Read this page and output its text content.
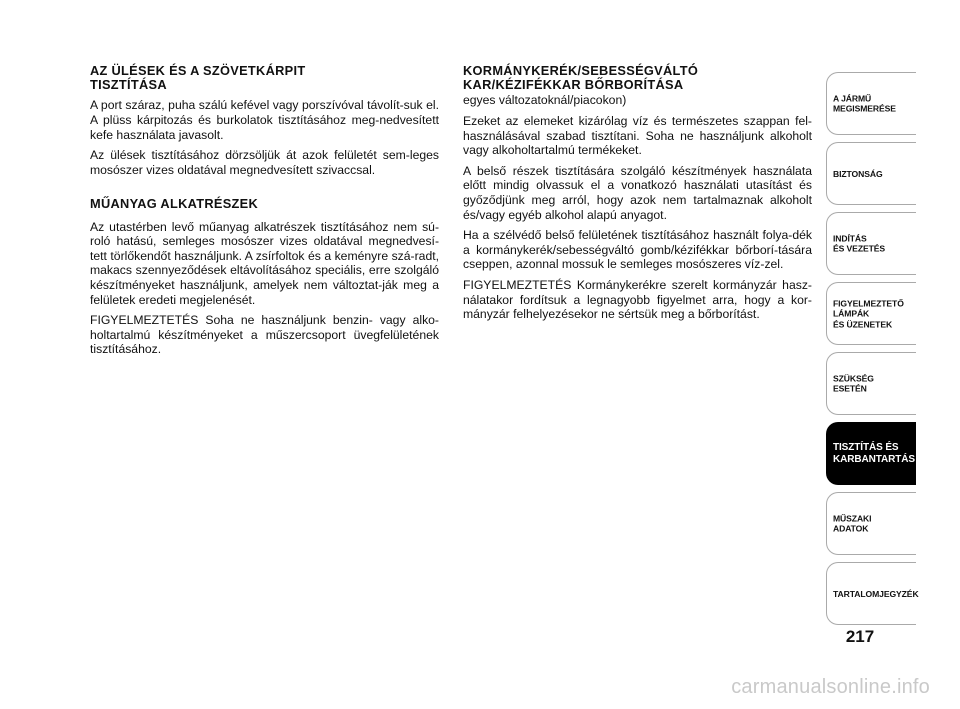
AZ ÜLÉSEK ÉS A SZÖVETKÁRPIT
TISZTÍTÁSA

A port száraz, puha szálú kefével vagy porszívóval távolít-suk el. A plüss kárpitozás és burkolatok tisztításához meg-nedvesített kefe használata javasolt.

Az ülések tisztításához dörzsöljük át azok felületét sem-leges mosószer vizes oldatával megnedvesített szivaccsal.

MŰANYAG ALKATRÉSZEK

Az utastérben levő műanyag alkatrészek tisztításához nem sú-roló hatású, semleges mosószer vizes oldatával megnedvesí-tett törlőkendőt használjunk. A zsírfoltok és a keményre szá-radt, makacs szennyeződések eltávolításához speciális, erre szolgáló készítményeket használjunk, amelyek nem változtat-ják meg a felületek eredeti megjelenését.

FIGYELMEZTETÉS Soha ne használjunk benzin- vagy alko-holtartalmú készítményeket a műszercsoport üvegfelületének tisztításához.

KORMÁNYKERÉK/SEBESSÉGVÁLTÓ
KAR/KÉZIFÉKKAR BŐRBORÍTÁSA
egyes változatoknál/piacokon)

Ezeket az elemeket kizárólag víz és természetes szappan fel-használásával szabad tisztítani. Soha ne használjunk alkoholt vagy alkoholtartalmú termékeket.

A belső részek tisztítására szolgáló készítmények használata előtt mindig olvassuk el a vonatkozó használati utasítást és győződjünk meg arról, hogy azok nem tartalmaznak alkoholt és/vagy egyéb alkohol alapú anyagot.

Ha a szélvédő belső felületének tisztításához használt folya-dék a kormánykerék/sebességváltó gomb/kézifékkar bőrborí-tására cseppen, azonnal mossuk le semleges mosószeres víz-zel.

FIGYELMEZTETÉS Kormánykerékre szerelt kormányzár hasz-nálatakor fordítsuk a legnagyobb figyelmet arra, hogy a kor-mányzár felhelyezésekor ne sértsük meg a bőrborítást.

A JÁRMŰ
MEGISMERÉSE
BIZTONSÁG
INDÍTÁS
ÉS VEZETÉS
FIGYELMEZTETŐ
LÁMPÁK
ÉS ÜZENETEK
SZÜKSÉG
ESETÉN
TISZTÍTÁS ÉS
KARBANTARTÁS
MŰSZAKI
ADATOK
TARTALOMJEGYZÉK
217
carmanualsonline.info
